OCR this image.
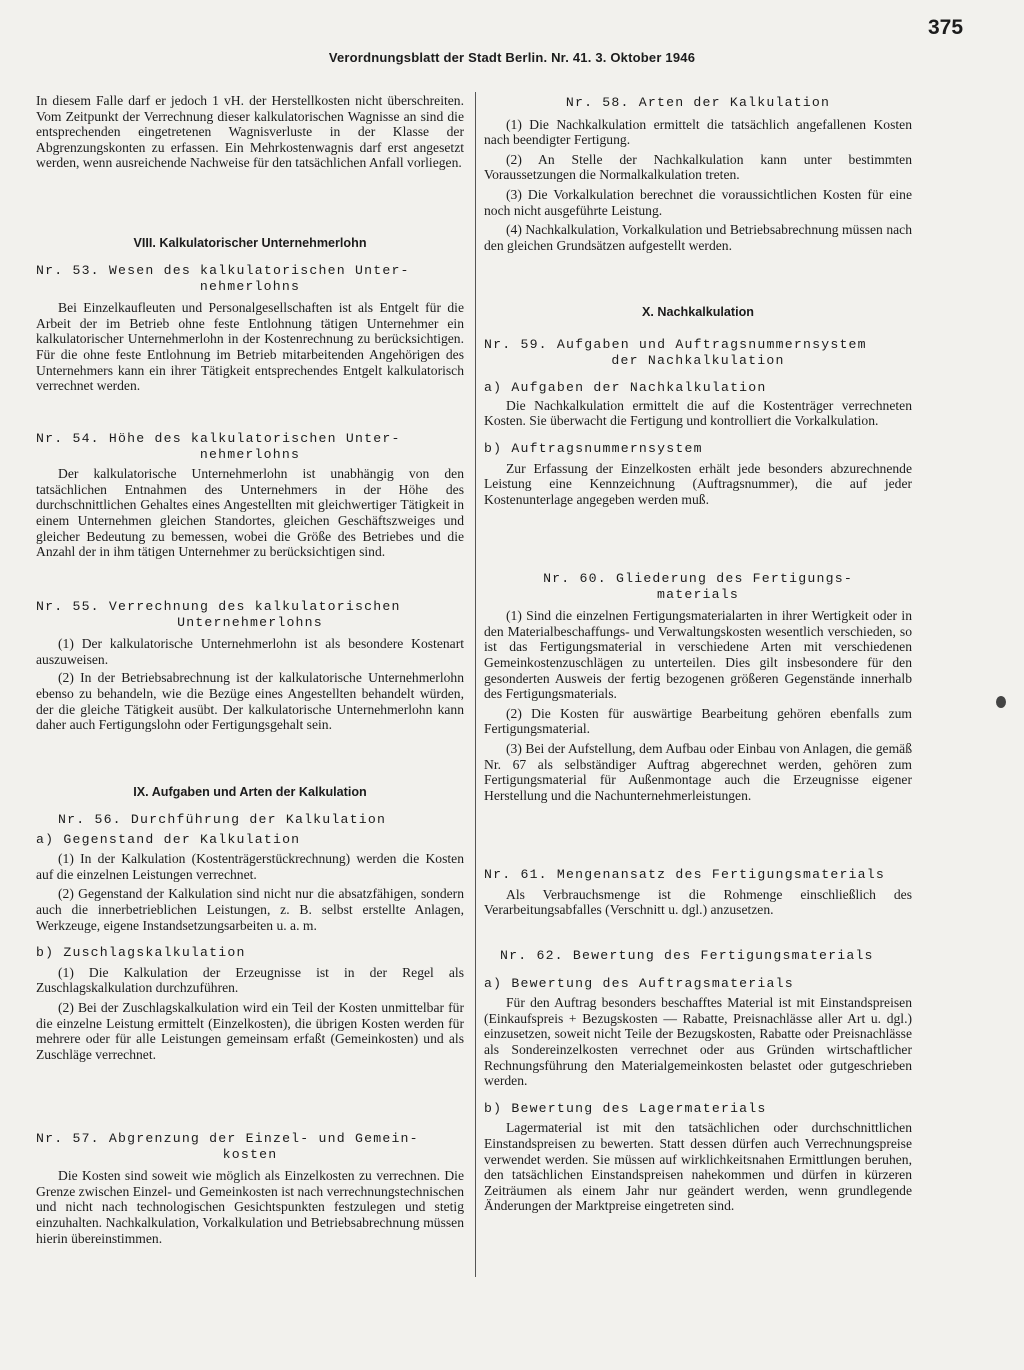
375
Verordnungsblatt der Stadt Berlin. Nr. 41. 3. Oktober 1946

In diesem Falle darf er jedoch 1 vH. der Herstellkosten nicht überschreiten. Vom Zeitpunkt der Verrechnung dieser kalkulatorischen Wagnisse an sind die entsprechenden eingetretenen Wagnisverluste in der Klasse der Abgrenzungskonten zu erfassen. Ein Mehrkostenwagnis darf erst angesetzt werden, wenn ausreichende Nachweise für den tatsächlichen Anfall vorliegen.

VIII. Kalkulatorischer Unternehmerlohn

Nr. 53. Wesen des kalkulatorischen Unter-

nehmerlohns

Bei Einzelkaufleuten und Personalgesellschaften ist als Entgelt für die Arbeit der im Betrieb ohne feste Entlohnung tätigen Unternehmer ein kalkulatorischer Unternehmerlohn in der Kostenrechnung zu berücksichtigen. Für die ohne feste Entlohnung im Betrieb mitarbeitenden Angehörigen des Unternehmers kann ein ihrer Tätigkeit entsprechendes Entgelt kalkulatorisch verrechnet werden.

Nr. 54. Höhe des kalkulatorischen Unter-

nehmerlohns

Der kalkulatorische Unternehmerlohn ist unabhängig von den tatsächlichen Entnahmen des Unternehmers in der Höhe des durchschnittlichen Gehaltes eines Angestellten mit gleichwertiger Tätigkeit in einem Unternehmen gleichen Standortes, gleichen Geschäftszweiges und gleicher Bedeutung zu bemessen, wobei die Größe des Betriebes und die Anzahl der in ihm tätigen Unternehmer zu berücksichtigen sind.

Nr. 55. Verrechnung des kalkulatorischen

Unternehmerlohns

(1) Der kalkulatorische Unternehmerlohn ist als besondere Kostenart auszuweisen.

(2) In der Betriebsabrechnung ist der kalkulatorische Unternehmerlohn ebenso zu behandeln, wie die Bezüge eines Angestellten behandelt würden, der die gleiche Tätigkeit ausübt. Der kalkulatorische Unternehmerlohn kann daher auch Fertigungslohn oder Fertigungsgehalt sein.

IX. Aufgaben und Arten der Kalkulation

Nr. 56. Durchführung der Kalkulation

a) Gegenstand der Kalkulation

(1) In der Kalkulation (Kostenträgerstückrechnung) werden die Kosten auf die einzelnen Leistungen verrechnet.

(2) Gegenstand der Kalkulation sind nicht nur die absatzfähigen, sondern auch die innerbetrieblichen Leistungen, z. B. selbst erstellte Anlagen, Werkzeuge, eigene Instandsetzungsarbeiten u. a. m.

b) Zuschlagskalkulation

(1) Die Kalkulation der Erzeugnisse ist in der Regel als Zuschlagskalkulation durchzuführen.

(2) Bei der Zuschlagskalkulation wird ein Teil der Kosten unmittelbar für die einzelne Leistung ermittelt (Einzelkosten), die übrigen Kosten werden für mehrere oder für alle Leistungen gemeinsam erfaßt (Gemeinkosten) und als Zuschläge verrechnet.

Nr. 57. Abgrenzung der Einzel- und Gemein-

kosten

Die Kosten sind soweit wie möglich als Einzelkosten zu verrechnen. Die Grenze zwischen Einzel- und Gemeinkosten ist nach verrechnungstechnischen und nicht nach technologischen Gesichtspunkten festzulegen und stetig einzuhalten. Nachkalkulation, Vorkalkulation und Betriebsabrechnung müssen hierin übereinstimmen.

Nr. 58. Arten der Kalkulation

(1) Die Nachkalkulation ermittelt die tatsächlich angefallenen Kosten nach beendigter Fertigung.

(2) An Stelle der Nachkalkulation kann unter bestimmten Voraussetzungen die Normalkalkulation treten.

(3) Die Vorkalkulation berechnet die voraussichtlichen Kosten für eine noch nicht ausgeführte Leistung.

(4) Nachkalkulation, Vorkalkulation und Betriebsabrechnung müssen nach den gleichen Grundsätzen aufgestellt werden.

X. Nachkalkulation

Nr. 59. Aufgaben und Auftragsnummernsystem

der Nachkalkulation

a) Aufgaben der Nachkalkulation

Die Nachkalkulation ermittelt die auf die Kostenträger verrechneten Kosten. Sie überwacht die Fertigung und kontrolliert die Vorkalkulation.

b) Auftragsnummernsystem

Zur Erfassung der Einzelkosten erhält jede besonders abzurechnende Leistung eine Kennzeichnung (Auftragsnummer), die auf jeder Kostenunterlage angegeben werden muß.

Nr. 60. Gliederung des Fertigungs-

materials

(1) Sind die einzelnen Fertigungsmaterialarten in ihrer Wertigkeit oder in den Materialbeschaffungs- und Verwaltungskosten wesentlich verschieden, so ist das Fertigungsmaterial in verschiedene Arten mit verschiedenen Gemeinkostenzuschlägen zu unterteilen. Dies gilt insbesondere für den gesonderten Ausweis der fertig bezogenen größeren Gegenstände innerhalb des Fertigungsmaterials.

(2) Die Kosten für auswärtige Bearbeitung gehören ebenfalls zum Fertigungsmaterial.

(3) Bei der Aufstellung, dem Aufbau oder Einbau von Anlagen, die gemäß Nr. 67 als selbständiger Auftrag abgerechnet werden, gehören zum Fertigungsmaterial für Außenmontage auch die Erzeugnisse eigener Herstellung und die Nachunternehmerleistungen.

Nr. 61. Mengenansatz des Fertigungsmaterials

Als Verbrauchsmenge ist die Rohmenge einschließlich des Verarbeitungsabfalles (Verschnitt u. dgl.) anzusetzen.

Nr. 62. Bewertung des Fertigungsmaterials

a) Bewertung des Auftragsmaterials

Für den Auftrag besonders beschafftes Material ist mit Einstandspreisen (Einkaufspreis + Bezugskosten — Rabatte, Preisnachlässe aller Art u. dgl.) einzusetzen, soweit nicht Teile der Bezugskosten, Rabatte oder Preisnachlässe als Sondereinzelkosten verrechnet oder aus Gründen wirtschaftlicher Rechnungsführung den Materialgemeinkosten belastet oder gutgeschrieben werden.

b) Bewertung des Lagermaterials

Lagermaterial ist mit den tatsächlichen oder durchschnittlichen Einstandspreisen zu bewerten. Statt dessen dürfen auch Verrechnungspreise verwendet werden. Sie müssen auf wirklichkeitsnahen Ermittlungen beruhen, den tatsächlichen Einstandspreisen nahekommen und dürfen in kürzeren Zeiträumen als einem Jahr nur geändert werden, wenn grundlegende Änderungen der Marktpreise eingetreten sind.
